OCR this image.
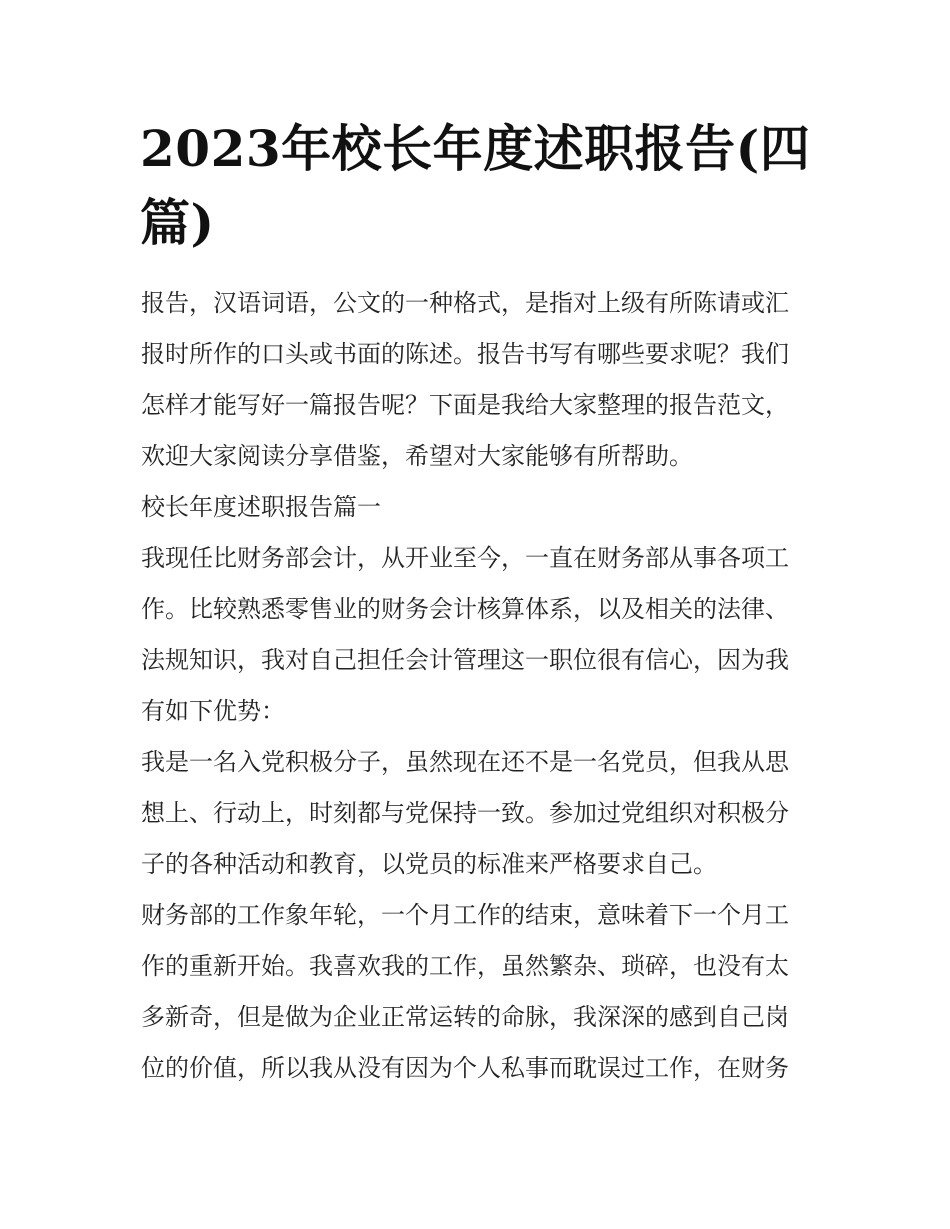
2023年校长年度述职报告(四篇)

报告，汉语词语，公文的一种格式，是指对上级有所陈请或汇

报时所作的口头或书面的陈述。报告书写有哪些要求呢？我们

怎样才能写好一篇报告呢？下面是我给大家整理的报告范文，

欢迎大家阅读分享借鉴，希望对大家能够有所帮助。

校长年度述职报告篇一

我现任比财务部会计，从开业至今，一直在财务部从事各项工

作。比较熟悉零售业的财务会计核算体系，以及相关的法律、

法规知识，我对自己担任会计管理这一职位很有信心，因为我

有如下优势：

我是一名入党积极分子，虽然现在还不是一名党员，但我从思

想上、行动上，时刻都与党保持一致。参加过党组织对积极分

子的各种活动和教育，以党员的标准来严格要求自己。

财务部的工作象年轮，一个月工作的结束，意味着下一个月工

作的重新开始。我喜欢我的工作，虽然繁杂、琐碎，也没有太

多新奇，但是做为企业正常运转的命脉，我深深的感到自己岗

位的价值，所以我从没有因为个人私事而耽误过工作，在财务
